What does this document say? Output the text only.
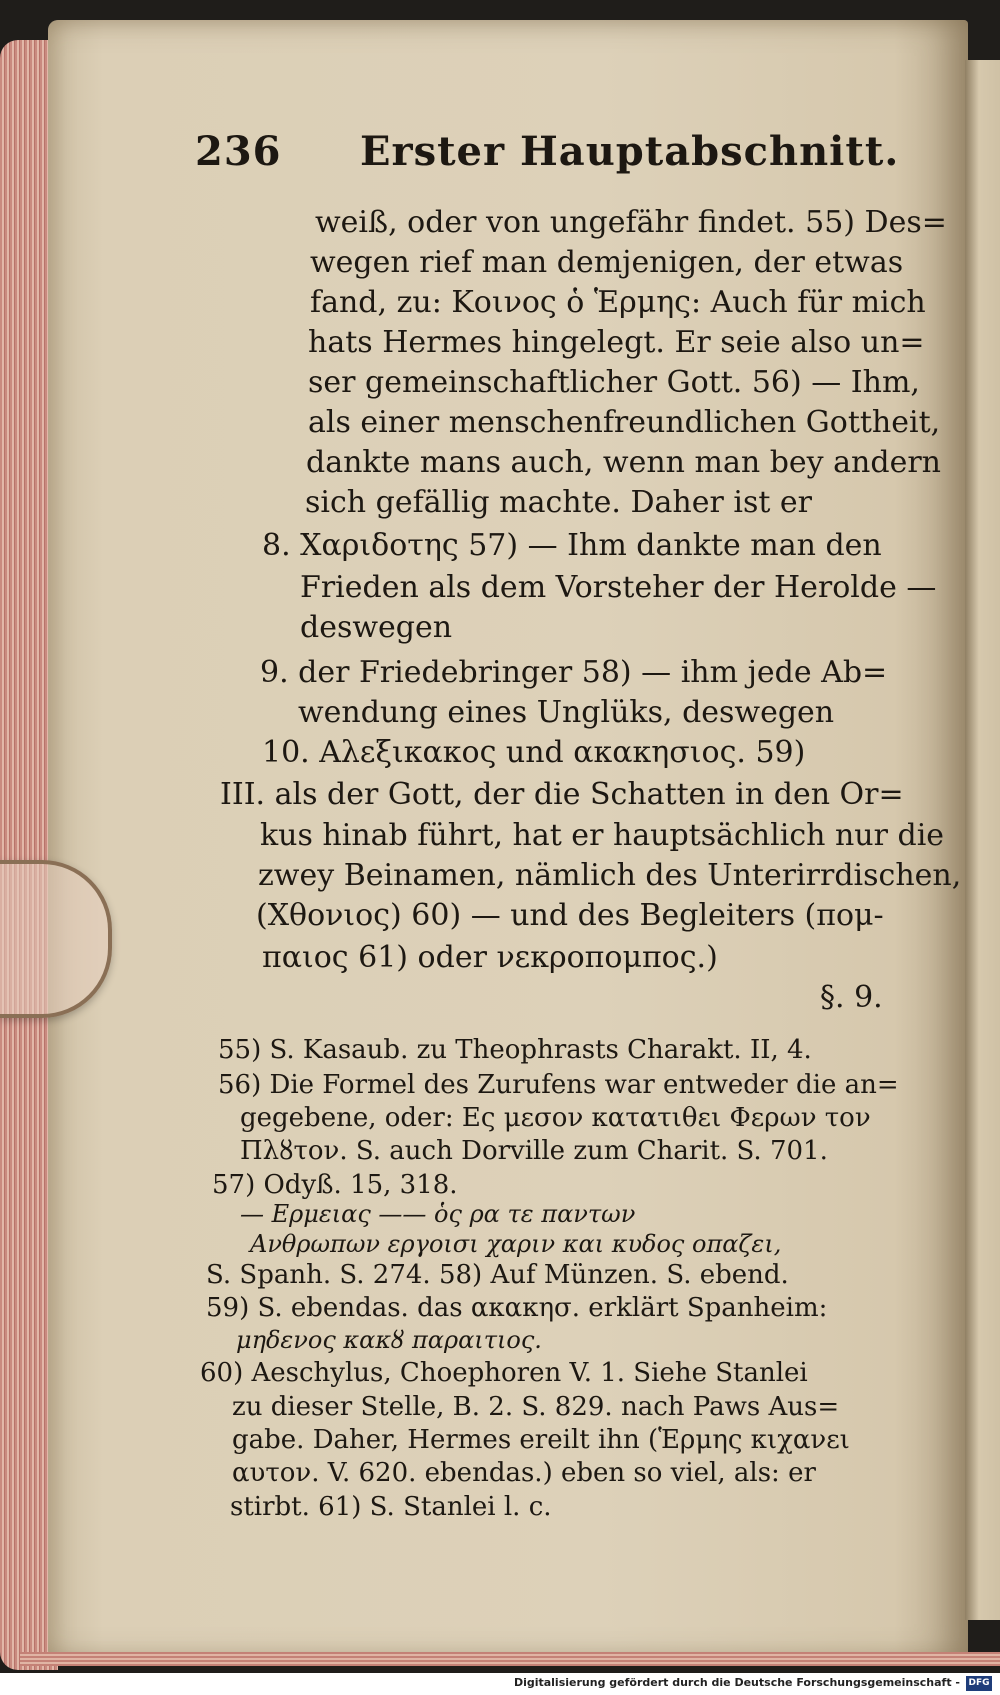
236 Erster Hauptabschnitt.
weiß, oder von ungefähr findet. 55) Des=
wegen rief man demjenigen, der etwas
fand, zu: Κοινος ὁ Ἑρμης: Auch für mich
hats Hermes hingelegt. Er seie also un=
ser gemeinschaftlicher Gott. 56) — Ihm,
als einer menschenfreundlichen Gottheit,
dankte mans auch, wenn man bey andern
sich gefällig machte. Daher ist er
8. Χαριδοτης 57) — Ihm dankte man den
Frieden als dem Vorsteher der Herolde —
deswegen
9. der Friedebringer 58) — ihm jede Ab=
wendung eines Unglüks, deswegen
10. Αλεξικακος und ακακησιος. 59)
III. als der Gott, der die Schatten in den Or=
kus hinab führt, hat er hauptsächlich nur die
zwey Beinamen, nämlich des Unterirrdischen,
(Χθονιος) 60) — und des Begleiters (πομ-
παιος 61) oder νεκροπομπος.)
§. 9.
55) S. Kasaub. zu Theophrasts Charakt. II, 4.
56) Die Formel des Zurufens war entweder die an=
gegebene, oder: Ες μεσον κατατιθει Φερων τον
Πλȣτον. S. auch Dorville zum Charit. S. 701.
57) Odyß. 15, 318.
— Ερμειας —— ὁς ρα τε παντων
Ανθρωπων εργοισι χαριν και κυδος οπαζει,
S. Spanh. S. 274. 58) Auf Münzen. S. ebend.
59) S. ebendas. das ακακησ. erklärt Spanheim:
μηδενος κακȣ παραιτιος.
60) Aeschylus, Choephoren V. 1. Siehe Stanlei
zu dieser Stelle, B. 2. S. 829. nach Paws Aus=
gabe. Daher, Hermes ereilt ihn (Ἑρμης κιχανει
αυτον. V. 620. ebendas.) eben so viel, als: er
stirbt. 61) S. Stanlei l. c.
Digitalisierung gefördert durch die Deutsche Forschungsgemeinschaft - DFG
